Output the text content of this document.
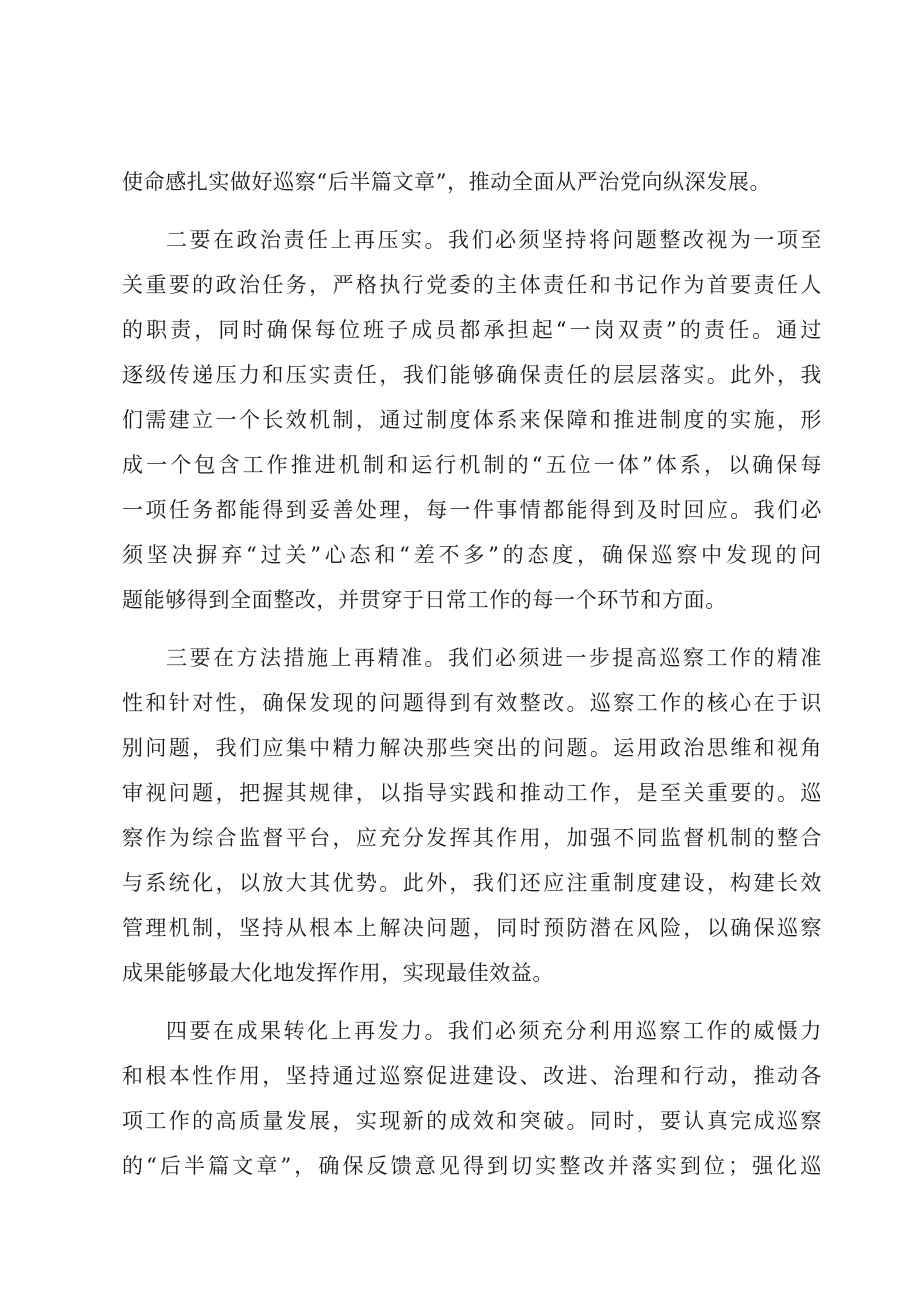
使命感扎实做好巡察“后半篇文章”，推动全面从严治党向纵深发展。
二要在政治责任上再压实。我们必须坚持将问题整改视为一项至
关重要的政治任务，严格执行党委的主体责任和书记作为首要责任人
的职责，同时确保每位班子成员都承担起“一岗双责”的责任。通过
逐级传递压力和压实责任，我们能够确保责任的层层落实。此外，我
们需建立一个长效机制，通过制度体系来保障和推进制度的实施，形
成一个包含工作推进机制和运行机制的“五位一体”体系，以确保每
一项任务都能得到妥善处理，每一件事情都能得到及时回应。我们必
须坚决摒弃“过关”心态和“差不多”的态度，确保巡察中发现的问
题能够得到全面整改，并贯穿于日常工作的每一个环节和方面。
三要在方法措施上再精准。我们必须进一步提高巡察工作的精准
性和针对性，确保发现的问题得到有效整改。巡察工作的核心在于识
别问题，我们应集中精力解决那些突出的问题。运用政治思维和视角
审视问题，把握其规律，以指导实践和推动工作，是至关重要的。巡
察作为综合监督平台，应充分发挥其作用，加强不同监督机制的整合
与系统化，以放大其优势。此外，我们还应注重制度建设，构建长效
管理机制，坚持从根本上解决问题，同时预防潜在风险，以确保巡察
成果能够最大化地发挥作用，实现最佳效益。
四要在成果转化上再发力。我们必须充分利用巡察工作的威慑力
和根本性作用，坚持通过巡察促进建设、改进、治理和行动，推动各
项工作的高质量发展，实现新的成效和突破。同时，要认真完成巡察
的“后半篇文章”，确保反馈意见得到切实整改并落实到位；强化巡
